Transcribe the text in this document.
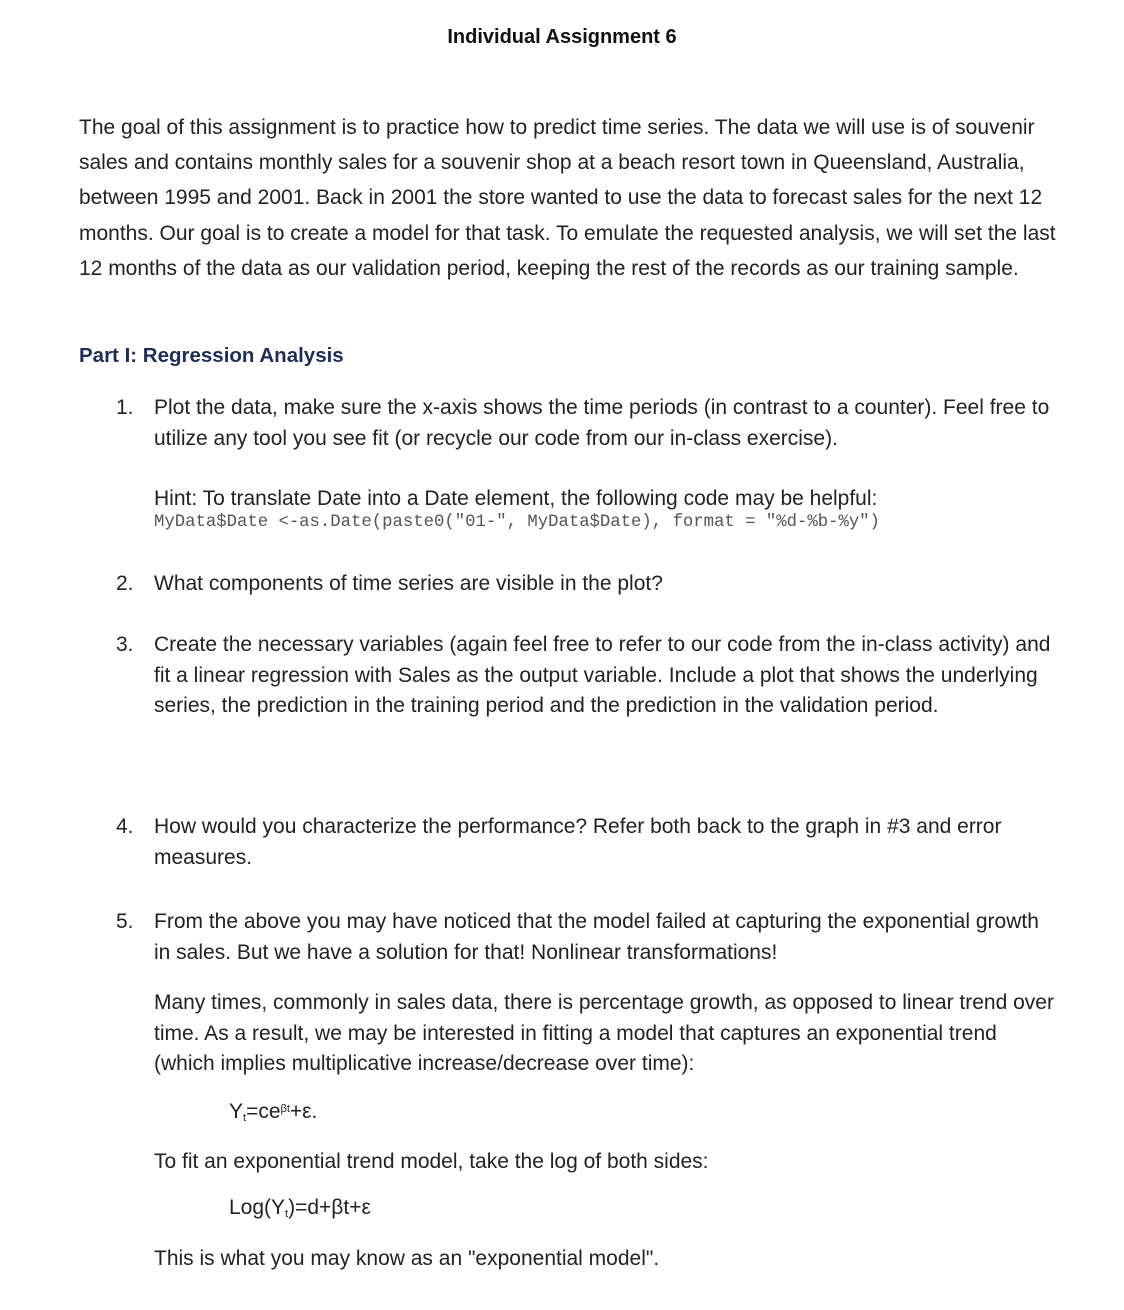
Individual Assignment 6

The goal of this assignment is to practice how to predict time series. The data we will use is of souvenir sales and contains monthly sales for a souvenir shop at a beach resort town in Queensland, Australia, between 1995 and 2001. Back in 2001 the store wanted to use the data to forecast sales for the next 12 months. Our goal is to create a model for that task. To emulate the requested analysis, we will set the last 12 months of the data as our validation period, keeping the rest of the records as our training sample.

Part I: Regression Analysis
1. Plot the data, make sure the x-axis shows the time periods (in contrast to a counter). Feel free to utilize any tool you see fit (or recycle our code from our in-class exercise).

Hint: To translate Date into a Date element, the following code may be helpful:

MyData$Date <-as.Date(paste0("01-", MyData$Date), format = "%d-%b-%y")
2. What components of time series are visible in the plot?

3. Create the necessary variables (again feel free to refer to our code from the in-class activity) and fit a linear regression with Sales as the output variable. Include a plot that shows the underlying series, the prediction in the training period and the prediction in the validation period.

4. How would you characterize the performance? Refer both back to the graph in #3 and error measures.

5. From the above you may have noticed that the model failed at capturing the exponential growth in sales. But we have a solution for that! Nonlinear transformations!

Many times, commonly in sales data, there is percentage growth, as opposed to linear trend over time. As a result, we may be interested in fitting a model that captures an exponential trend (which implies multiplicative increase/decrease over time):

$Y_t=ce^{\beta t}+\varepsilon$.

To fit an exponential trend model, take the log of both sides:

$Log(Y_t)=d+\beta t+\varepsilon$

This is what you may know as an "exponential model".
